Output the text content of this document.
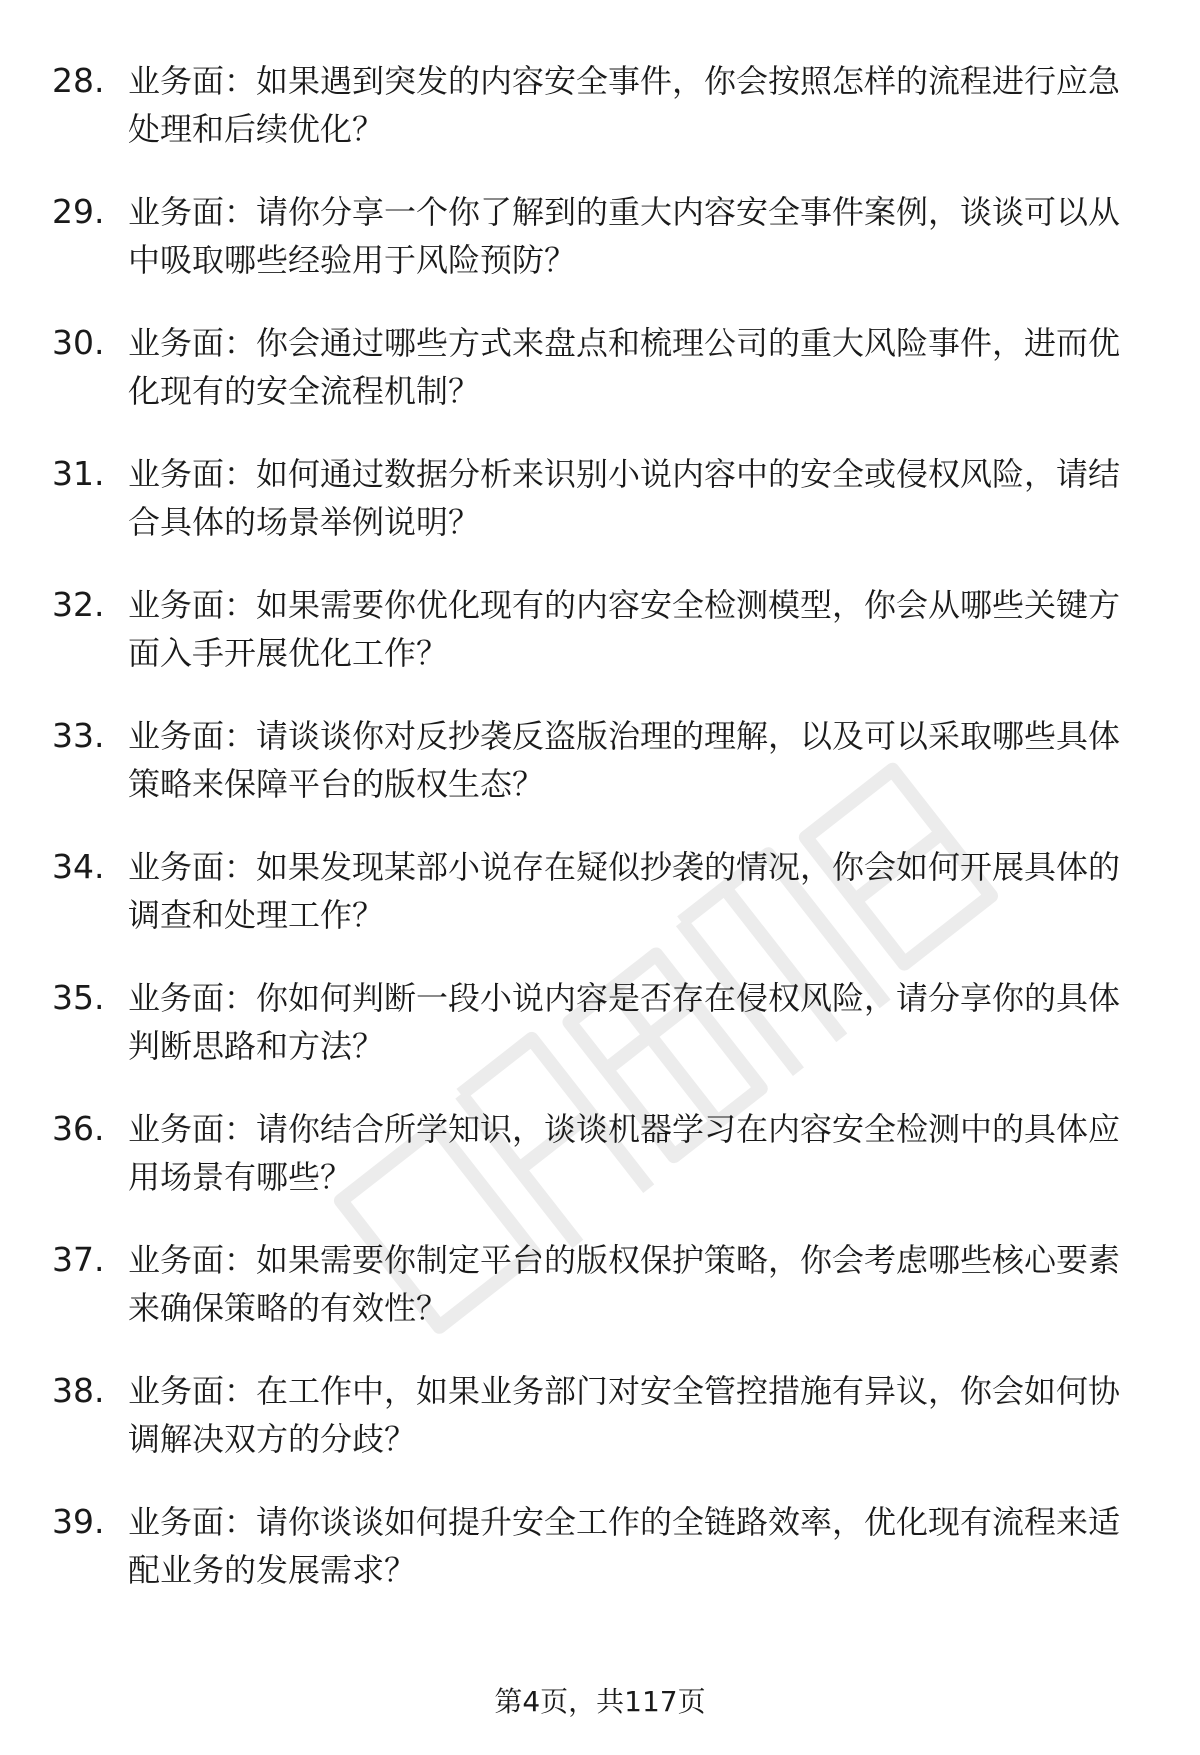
28. 业务面：如果遇到突发的内容安全事件，你会按照怎样的流程进行应急处理和后续优化？

29. 业务面：请你分享一个你了解到的重大内容安全事件案例，谈谈可以从中吸取哪些经验用于风险预防？

30. 业务面：你会通过哪些方式来盘点和梳理公司的重大风险事件，进而优化现有的安全流程机制？

31. 业务面：如何通过数据分析来识别小说内容中的安全或侵权风险，请结合具体的场景举例说明？

32. 业务面：如果需要你优化现有的内容安全检测模型，你会从哪些关键方面入手开展优化工作？

33. 业务面：请谈谈你对反抄袭反盗版治理的理解，以及可以采取哪些具体策略来保障平台的版权生态？

34. 业务面：如果发现某部小说存在疑似抄袭的情况，你会如何开展具体的调查和处理工作？

35. 业务面：你如何判断一段小说内容是否存在侵权风险，请分享你的具体判断思路和方法？

36. 业务面：请你结合所学知识，谈谈机器学习在内容安全检测中的具体应用场景有哪些？

37. 业务面：如果需要你制定平台的版权保护策略，你会考虑哪些核心要素来确保策略的有效性？

38. 业务面：在工作中，如果业务部门对安全管控措施有异议，你会如何协调解决双方的分歧？

39. 业务面：请你谈谈如何提升安全工作的全链路效率，优化现有流程来适配业务的发展需求？

第4页，共117页
